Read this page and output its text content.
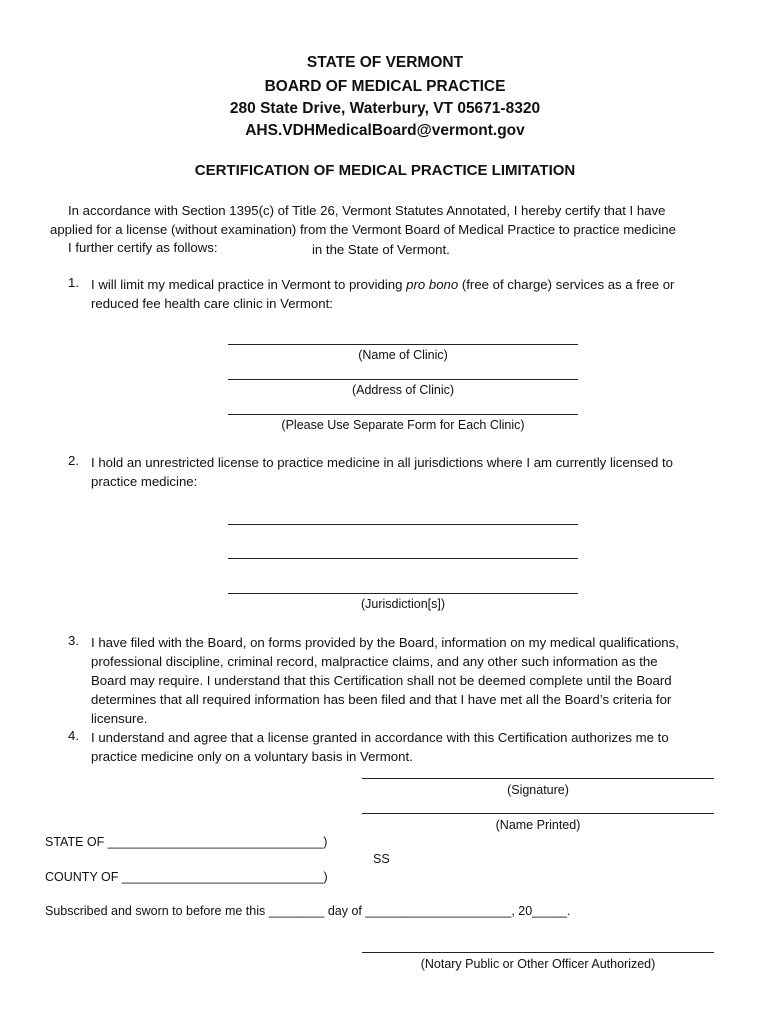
STATE OF VERMONT
BOARD OF MEDICAL PRACTICE
280 State Drive, Waterbury, VT 05671-8320
AHS.VDHMedicalBoard@vermont.gov
CERTIFICATION OF MEDICAL PRACTICE LIMITATION
In accordance with Section 1395(c) of Title 26, Vermont Statutes Annotated, I hereby certify that I have
applied for a license (without examination) from the Vermont Board of Medical Practice to practice medicine
I further certify as follows:	in the State of Vermont.
1. I will limit my medical practice in Vermont to providing pro bono (free of charge) services as a free or
reduced fee health care clinic in Vermont:
(Name of Clinic)
(Address of Clinic)
(Please Use Separate Form for Each Clinic)
2. I hold an unrestricted license to practice medicine in all jurisdictions where I am currently licensed to
practice medicine:
(Jurisdiction[s])
3. I have filed with the Board, on forms provided by the Board, information on my medical qualifications,
professional discipline, criminal record, malpractice claims, and any other such information as the
Board may require. I understand that this Certification shall not be deemed complete until the Board
determines that all required information has been filed and that I have met all the Board’s criteria for
licensure.
4. I understand and agree that a license granted in accordance with this Certification authorizes me to
practice medicine only on a voluntary basis in Vermont.
(Signature)
(Name Printed)
STATE OF _______________________________)
SS
COUNTY OF _____________________________)
Subscribed and sworn to before me this ________ day of _____________________, 20_____.
(Notary Public or Other Officer Authorized)
